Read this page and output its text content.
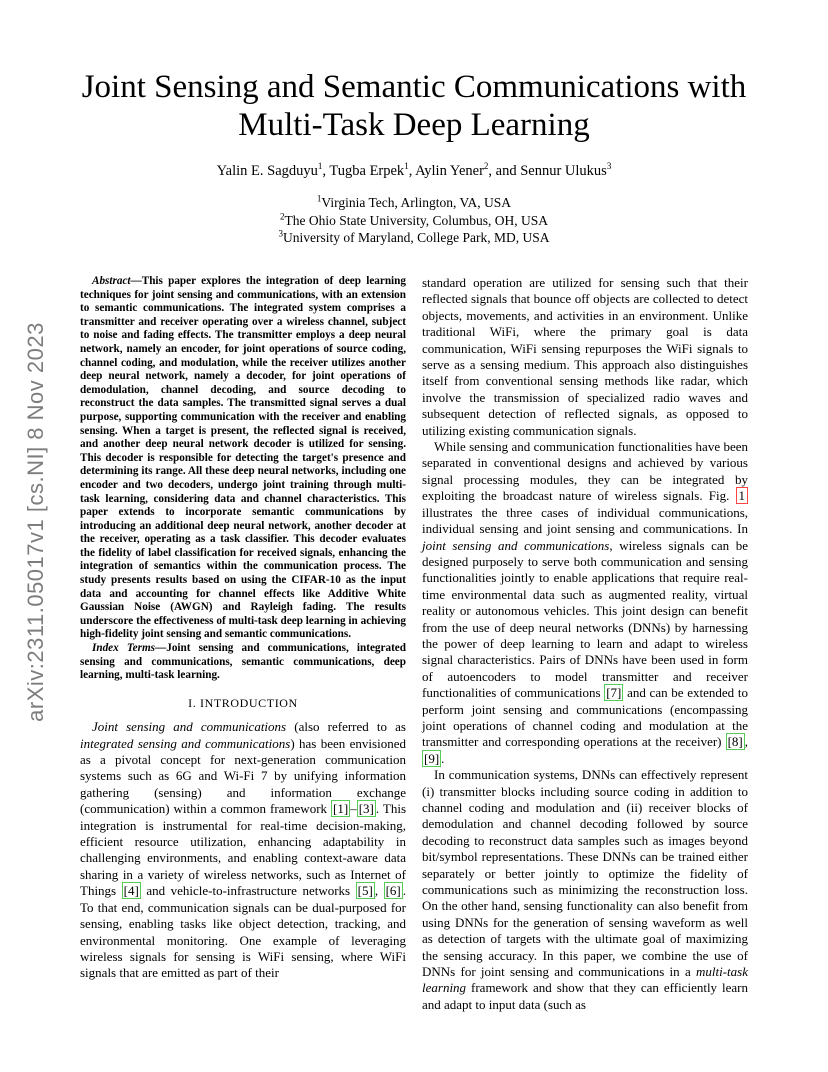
arXiv:2311.05017v1 [cs.NI] 8 Nov 2023
Joint Sensing and Semantic Communications with
Multi-Task Deep Learning
Yalin E. Sagduyu$^1$, Tugba Erpek$^1$, Aylin Yener$^2$, and Sennur Ulukus$^3$
$^1$Virginia Tech, Arlington, VA, USA
$^2$The Ohio State University, Columbus, OH, USA
$^3$University of Maryland, College Park, MD, USA

Abstract—This paper explores the integration of deep learning techniques for joint sensing and communications, with an extension to semantic communications. The integrated system comprises a transmitter and receiver operating over a wireless channel, subject to noise and fading effects. The transmitter employs a deep neural network, namely an encoder, for joint operations of source coding, channel coding, and modulation, while the receiver utilizes another deep neural network, namely a decoder, for joint operations of demodulation, channel decoding, and source decoding to reconstruct the data samples. The transmitted signal serves a dual purpose, supporting communication with the receiver and enabling sensing. When a target is present, the reflected signal is received, and another deep neural network decoder is utilized for sensing. This decoder is responsible for detecting the target's presence and determining its range. All these deep neural networks, including one encoder and two decoders, undergo joint training through multi-task learning, considering data and channel characteristics. This paper extends to incorporate semantic communications by introducing an additional deep neural network, another decoder at the receiver, operating as a task classifier. This decoder evaluates the fidelity of label classification for received signals, enhancing the integration of semantics within the communication process. The study presents results based on using the CIFAR-10 as the input data and accounting for channel effects like Additive White Gaussian Noise (AWGN) and Rayleigh fading. The results underscore the effectiveness of multi-task deep learning in achieving high-fidelity joint sensing and semantic communications.

Index Terms—Joint sensing and communications, integrated sensing and communications, semantic communications, deep learning, multi-task learning.

I. INTRODUCTION

Joint sensing and communications (also referred to as integrated sensing and communications) has been envisioned as a pivotal concept for next-generation communication systems such as 6G and Wi-Fi 7 by unifying information gathering (sensing) and information exchange (communication) within a common framework [1] – [3] . This integration is instrumental for real-time decision-making, efficient resource utilization, enhancing adaptability in challenging environments, and enabling context-aware data sharing in a variety of wireless networks, such as Internet of Things [4] and vehicle-to-infrastructure networks [5] , [6] . To that end, communication signals can be dual-purposed for sensing, enabling tasks like object detection, tracking, and environmental monitoring. One example of leveraging wireless signals for sensing is WiFi sensing, where WiFi signals that are emitted as part of their

standard operation are utilized for sensing such that their reflected signals that bounce off objects are collected to detect objects, movements, and activities in an environment. Unlike traditional WiFi, where the primary goal is data communication, WiFi sensing repurposes the WiFi signals to serve as a sensing medium. This approach also distinguishes itself from conventional sensing methods like radar, which involve the transmission of specialized radio waves and subsequent detection of reflected signals, as opposed to utilizing existing communication signals.

While sensing and communication functionalities have been separated in conventional designs and achieved by various signal processing modules, they can be integrated by exploiting the broadcast nature of wireless signals. Fig. 1 illustrates the three cases of individual communications, individual sensing and joint sensing and communications. In joint sensing and communications, wireless signals can be designed purposely to serve both communication and sensing functionalities jointly to enable applications that require real-time environmental data such as augmented reality, virtual reality or autonomous vehicles. This joint design can benefit from the use of deep neural networks (DNNs) by harnessing the power of deep learning to learn and adapt to wireless signal characteristics. Pairs of DNNs have been used in form of autoencoders to model transmitter and receiver functionalities of communications [7] and can be extended to perform joint sensing and communications (encompassing joint operations of channel coding and modulation at the transmitter and corresponding operations at the receiver) [8] , [9] .

In communication systems, DNNs can effectively represent (i) transmitter blocks including source coding in addition to channel coding and modulation and (ii) receiver blocks of demodulation and channel decoding followed by source decoding to reconstruct data samples such as images beyond bit/symbol representations. These DNNs can be trained either separately or better jointly to optimize the fidelity of communications such as minimizing the reconstruction loss. On the other hand, sensing functionality can also benefit from using DNNs for the generation of sensing waveform as well as detection of targets with the ultimate goal of maximizing the sensing accuracy. In this paper, we combine the use of DNNs for joint sensing and communications in a multi-task learning framework and show that they can efficiently learn and adapt to input data (such as
